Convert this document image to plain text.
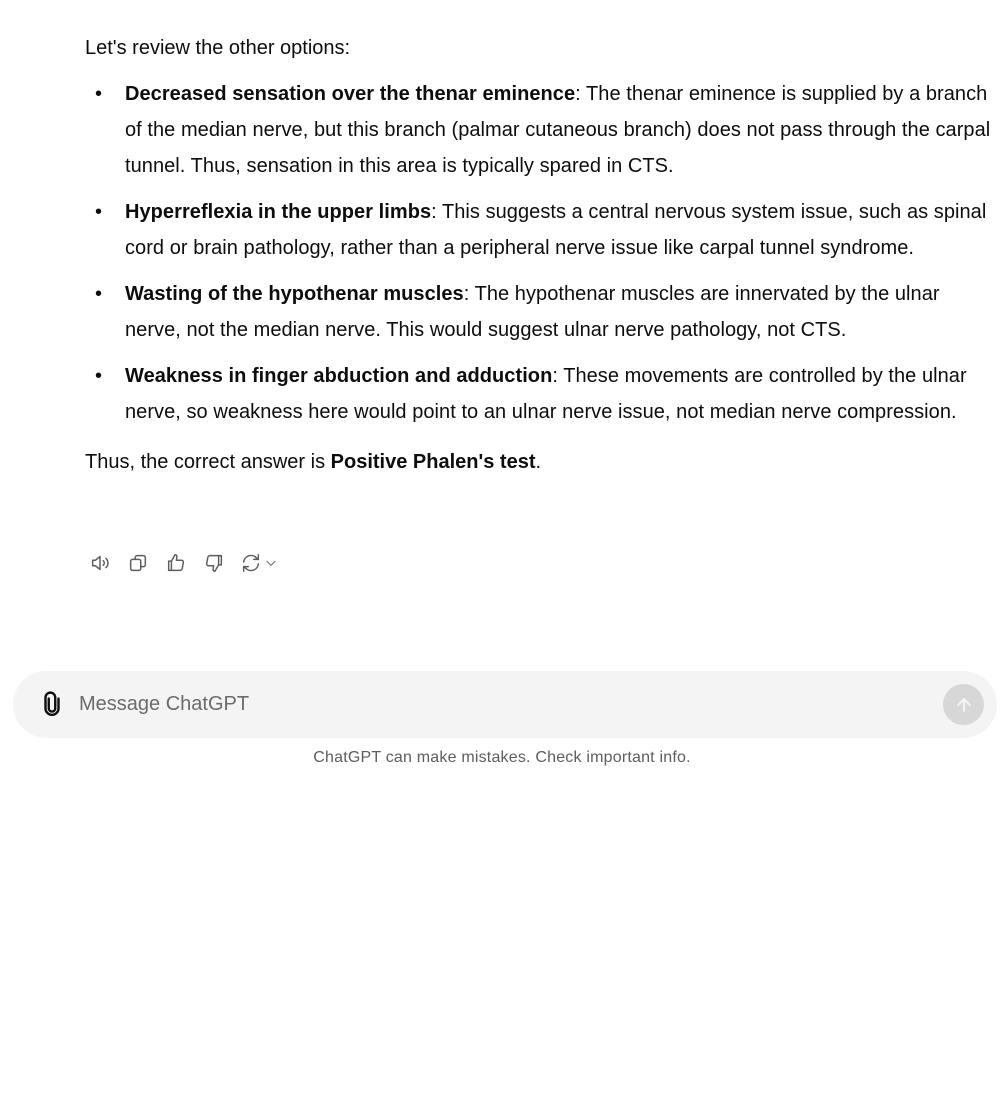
Let's review the other options:

• Decreased sensation over the thenar eminence: The thenar eminence is supplied by a branch of the median nerve, but this branch (palmar cutaneous branch) does not pass through the carpal tunnel. Thus, sensation in this area is typically spared in CTS.
• Hyperreflexia in the upper limbs: This suggests a central nervous system issue, such as spinal cord or brain pathology, rather than a peripheral nerve issue like carpal tunnel syndrome.
• Wasting of the hypothenar muscles: The hypothenar muscles are innervated by the ulnar nerve, not the median nerve. This would suggest ulnar nerve pathology, not CTS.
• Weakness in finger abduction and adduction: These movements are controlled by the ulnar nerve, so weakness here would point to an ulnar nerve issue, not median nerve compression.

Thus, the correct answer is Positive Phalen's test.

Message ChatGPT
ChatGPT can make mistakes. Check important info.
